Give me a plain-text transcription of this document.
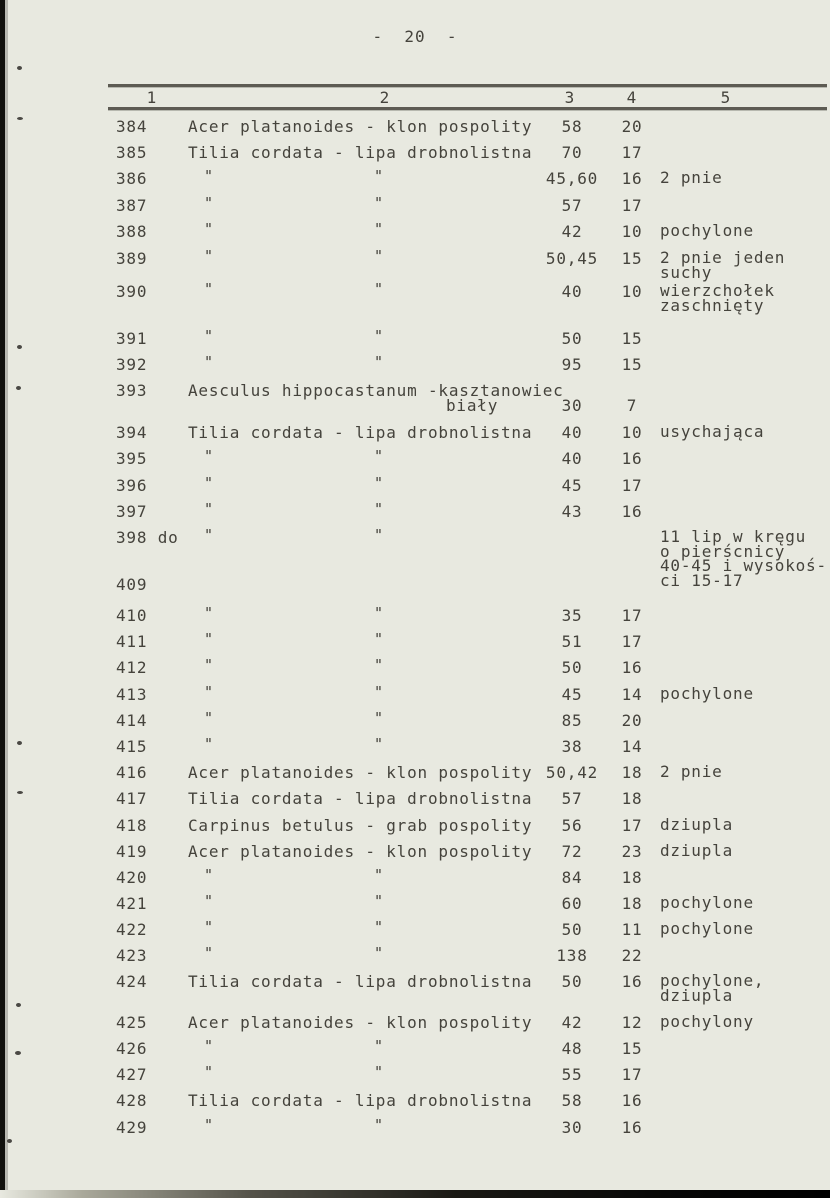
-  20  -
1	2	3	4	5
384	Acer platanoides - klon pospolity	58	20
385	Tilia cordata - lipa drobnolistna	70	17
386	"	"	45,60	16	2 pnie
387	"	"	57	17
388	"	"	42	10	pochylone
389	"	"	50,45	15	2 pnie jeden
suchy
390	"	"	40	10	wierzchołek
zaschnięty
391	"	"	50	15
392	"	"	95	15
393	Aesculus hippocastanum -kasztanowiec
biały	30	7
394	Tilia cordata - lipa drobnolistna	40	10	usychająca
395	"	"	40	16
396	"	"	45	17
397	"	"	43	16
398 do	"	"	11 lip w kręgu
o pierścnicy
40-45 i wysokoś-
ci 15-17
409
410	"	"	35	17
411	"	"	51	17
412	"	"	50	16
413	"	"	45	14	pochylone
414	"	"	85	20
415	"	"	38	14
416	Acer platanoides - klon pospolity 50,42	18	2 pnie
417	Tilia cordata - lipa drobnolistna	57	18
418	Carpinus betulus - grab pospolity	56	17	dziupla
419	Acer platanoides - klon pospolity	72	23	dziupla
420	"	"	84	18
421	"	"	60	18	pochylone
422	"	"	50	11	pochylone
423	"	"	138	22
424	Tilia cordata - lipa drobnolistna	50	16	pochylone,
dziupla
425	Acer platanoides - klon pospolity	42	12	pochylony
426	"	"	48	15
427	"	"	55	17
428	Tilia cordata - lipa drobnolistna	58	16
429	"	"	30	16
